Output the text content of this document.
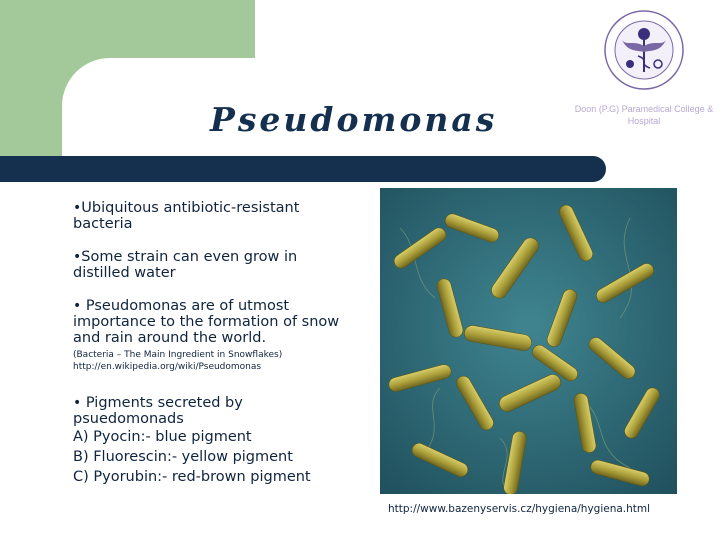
Pseudomonas	Doon (P.G) Paramedical College & Hospital
• Ubiquitous antibiotic-resistant bacteria
• Some strain can even grow in distilled water
• Pseudomonas are of utmost importance to the formation of snow and rain around the world.
(Bacteria – The Main Ingredient in Snowflakes)
http://en.wikipedia.org/wiki/Pseudomonas
• Pigments secreted by psuedomonads
A) Pyocin:- blue pigment
B) Fluorescin:- yellow pigment
C) Pyorubin:- red-brown pigment
http://www.bazenyservis.cz/hygiena/hygiena.html
